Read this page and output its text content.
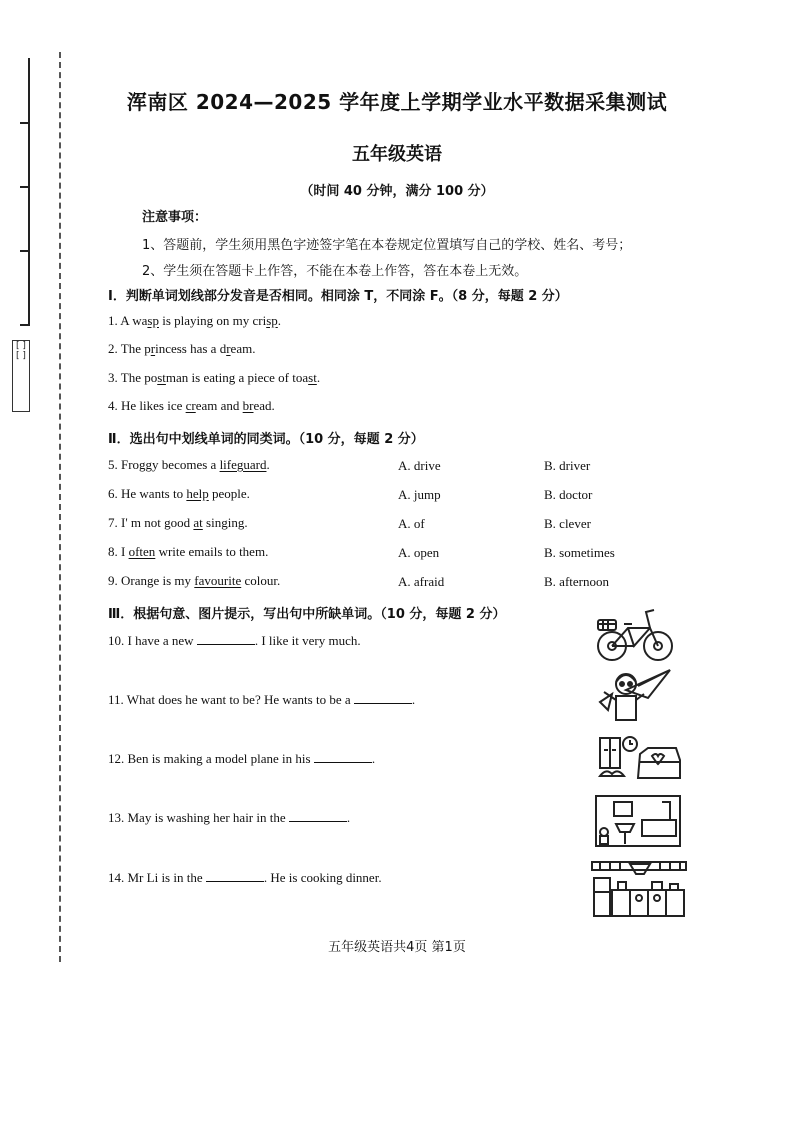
[ ] [ ]
浑南区 2024—2025 学年度上学期学业水平数据采集测试
五年级英语
（时间 40 分钟，满分 100 分）
注意事项：
1、答题前，学生须用黑色字迹签字笔在本卷规定位置填写自己的学校、姓名、考号；
2、学生须在答题卡上作答，不能在本卷上作答，答在本卷上无效。
Ⅰ．判断单词划线部分发音是否相同。相同涂 T，不同涂 F。（8 分，每题 2 分）
1. A wasp is playing on my crisp.
2. The princess has a dream.
3. The postman is eating a piece of toast.
4. He likes ice cream and bread.
Ⅱ．选出句中划线单词的同类词。（10 分，每题 2 分）
5. Froggy becomes a lifeguard.	A. drive	B. driver
6. He wants to help people.	A. jump	B. doctor
7. I' m not good at singing.	A. of	B. clever
8. I often write emails to them.	A. open	B. sometimes
9. Orange is my favourite colour.	A. afraid	B. afternoon
Ⅲ．根据句意、图片提示，写出句中所缺单词。（10 分，每题 2 分）
10. I have a new	. I like it very much.
11. What does he want to be? He wants to be a	.
12. Ben is making a model plane in his	.
13. May is washing her hair in the	.
14. Mr Li is in the	. He is cooking dinner.
五年级英语共4页 第1页
